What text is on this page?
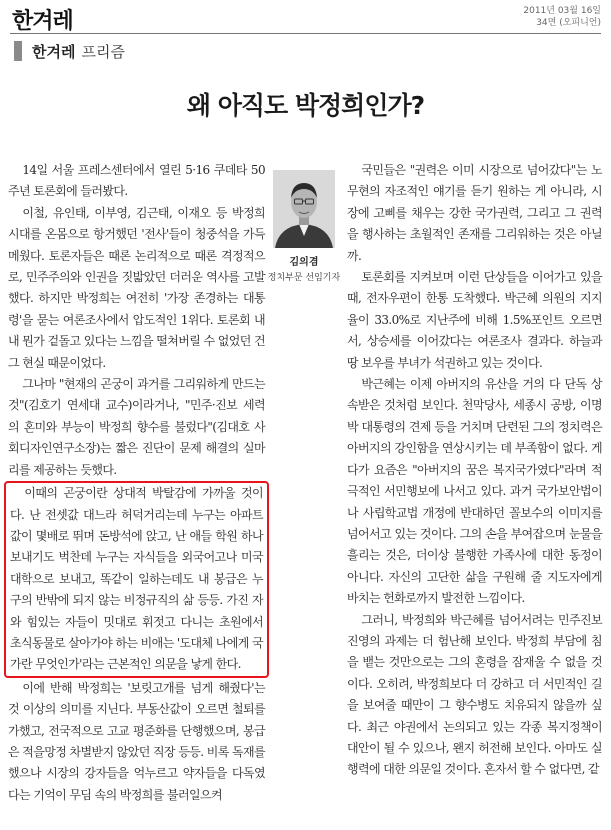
한겨레	2011년 03월 16일
34면 (오피니언)
한겨레 프리즘
왜 아직도 박정희인가?

14일 서울 프레스센터에서 열린 5·16 쿠데타 50주년 토론회에 들러봤다.

이철, 유인태, 이부영, 김근태, 이재오 등 박정희 시대를 온몸으로 항거했던 '전사'들이 청중석을 가득 메웠다. 토론자들은 때론 논리적으로 때론 격정적으로, 민주주의와 인권을 짓밟았던 더러운 역사를 고발했다. 하지만 박정희는 여전히 '가장 존경하는 대통령'을 묻는 여론조사에서 압도적인 1위다. 토론회 내내 뭔가 겉돌고 있다는 느낌을 떨쳐버릴 수 없었던 건 그 현실 때문이었다.

그나마 "현재의 곤궁이 과거를 그리워하게 만드는 것"(김호기 연세대 교수)이라거나, "민주·진보 세력의 혼미와 부능이 박정희 향수를 불렀다"(김대호 사회디자인연구소장)는 짧은 진단이 문제 해결의 실마리를 제공하는 듯했다.

이때의 곤궁이란 상대적 박탈감에 가까울 것이다. 난 전셋값 대느라 허덕거리는데 누구는 아파트값이 몇배로 뛰며 돈방석에 앉고, 난 애들 학원 하나 보내기도 벅찬데 누구는 자식들을 외국어고나 미국 대학으로 보내고, 똑같이 일하는데도 내 봉급은 누구의 반밖에 되지 않는 비정규직의 삶 등등. 가진 자와 힘있는 자들이 밋대로 휘젓고 다니는 초원에서 초식동물로 살아가야 하는 비애는 '도대체 나에게 국가란 무엇인가'라는 근본적인 의문을 낳게 한다.

이에 반해 박정희는 '보릿고개를 넘게 해줬다'는 것 이상의 의미를 지닌다. 부동산값이 오르면 철퇴를 가했고, 전국적으로 고교 평준화를 단행했으며, 봉급은 적을망정 차별받지 않았던 직장 등등. 비록 독재를 했으나 시장의 강자들을 억누르고 약자들을 다독였다는 기억이 무딤 속의 박정희를 불러일으켜

김의겸
정치부문 선임기자

국민들은 "권력은 이미 시장으로 넘어갔다"는 노무현의 자조적인 얘기를 듣기 원하는 게 아니라, 시장에 고삐를 채우는 강한 국가권력, 그리고 그 권력을 행사하는 초월적인 존재를 그리워하는 것은 아닐까.

토론회를 지켜보며 이런 단상들을 이어가고 있을 때, 전자우편이 한통 도착했다. 박근혜 의원의 지지율이 33.0%로 지난주에 비해 1.5%포인트 오르면서, 상승세를 이어갔다는 여론조사 결과다. 하늘과 땅 보우를 부녀가 석권하고 있는 것이다.

박근혜는 이제 아버지의 유산을 거의 다 단독 상속받은 것처럼 보인다. 천막당사, 세종시 공방, 이명박 대통령의 견제 등을 거치며 단련된 그의 정치력은 아버지의 강인함을 연상시키는 데 부족함이 없다. 게다가 요즘은 "아버지의 꿈은 복지국가였다"라며 적극적인 서민행보에 나서고 있다. 과거 국가보안법이나 사립학교법 개정에 반대하던 꼴보수의 이미지를 넘어서고 있는 것이다. 그의 손을 부여잡으며 눈물을 흘리는 것은, 더이상 불행한 가족사에 대한 동정이 아니다. 자신의 고단한 삶을 구원해 줄 지도자에게 바치는 헌화로까지 발전한 느낌이다.

그러니, 박정희와 박근혜를 넘어서려는 민주진보 진영의 과제는 더 험난해 보인다. 박정희 부담에 침을 뱉는 것만으로는 그의 혼령을 잠재울 수 없을 것이다. 오히려, 박정희보다 더 강하고 더 서민적인 길을 보여줄 때만이 그 향수병도 치유되지 않을까 싶다. 최근 야권에서 논의되고 있는 각종 복지정책이 대안이 될 수 있으나, 왠지 허전해 보인다. 아마도 실행력에 대한 의문일 것이다. 혼자서 할 수 없다면, 같
